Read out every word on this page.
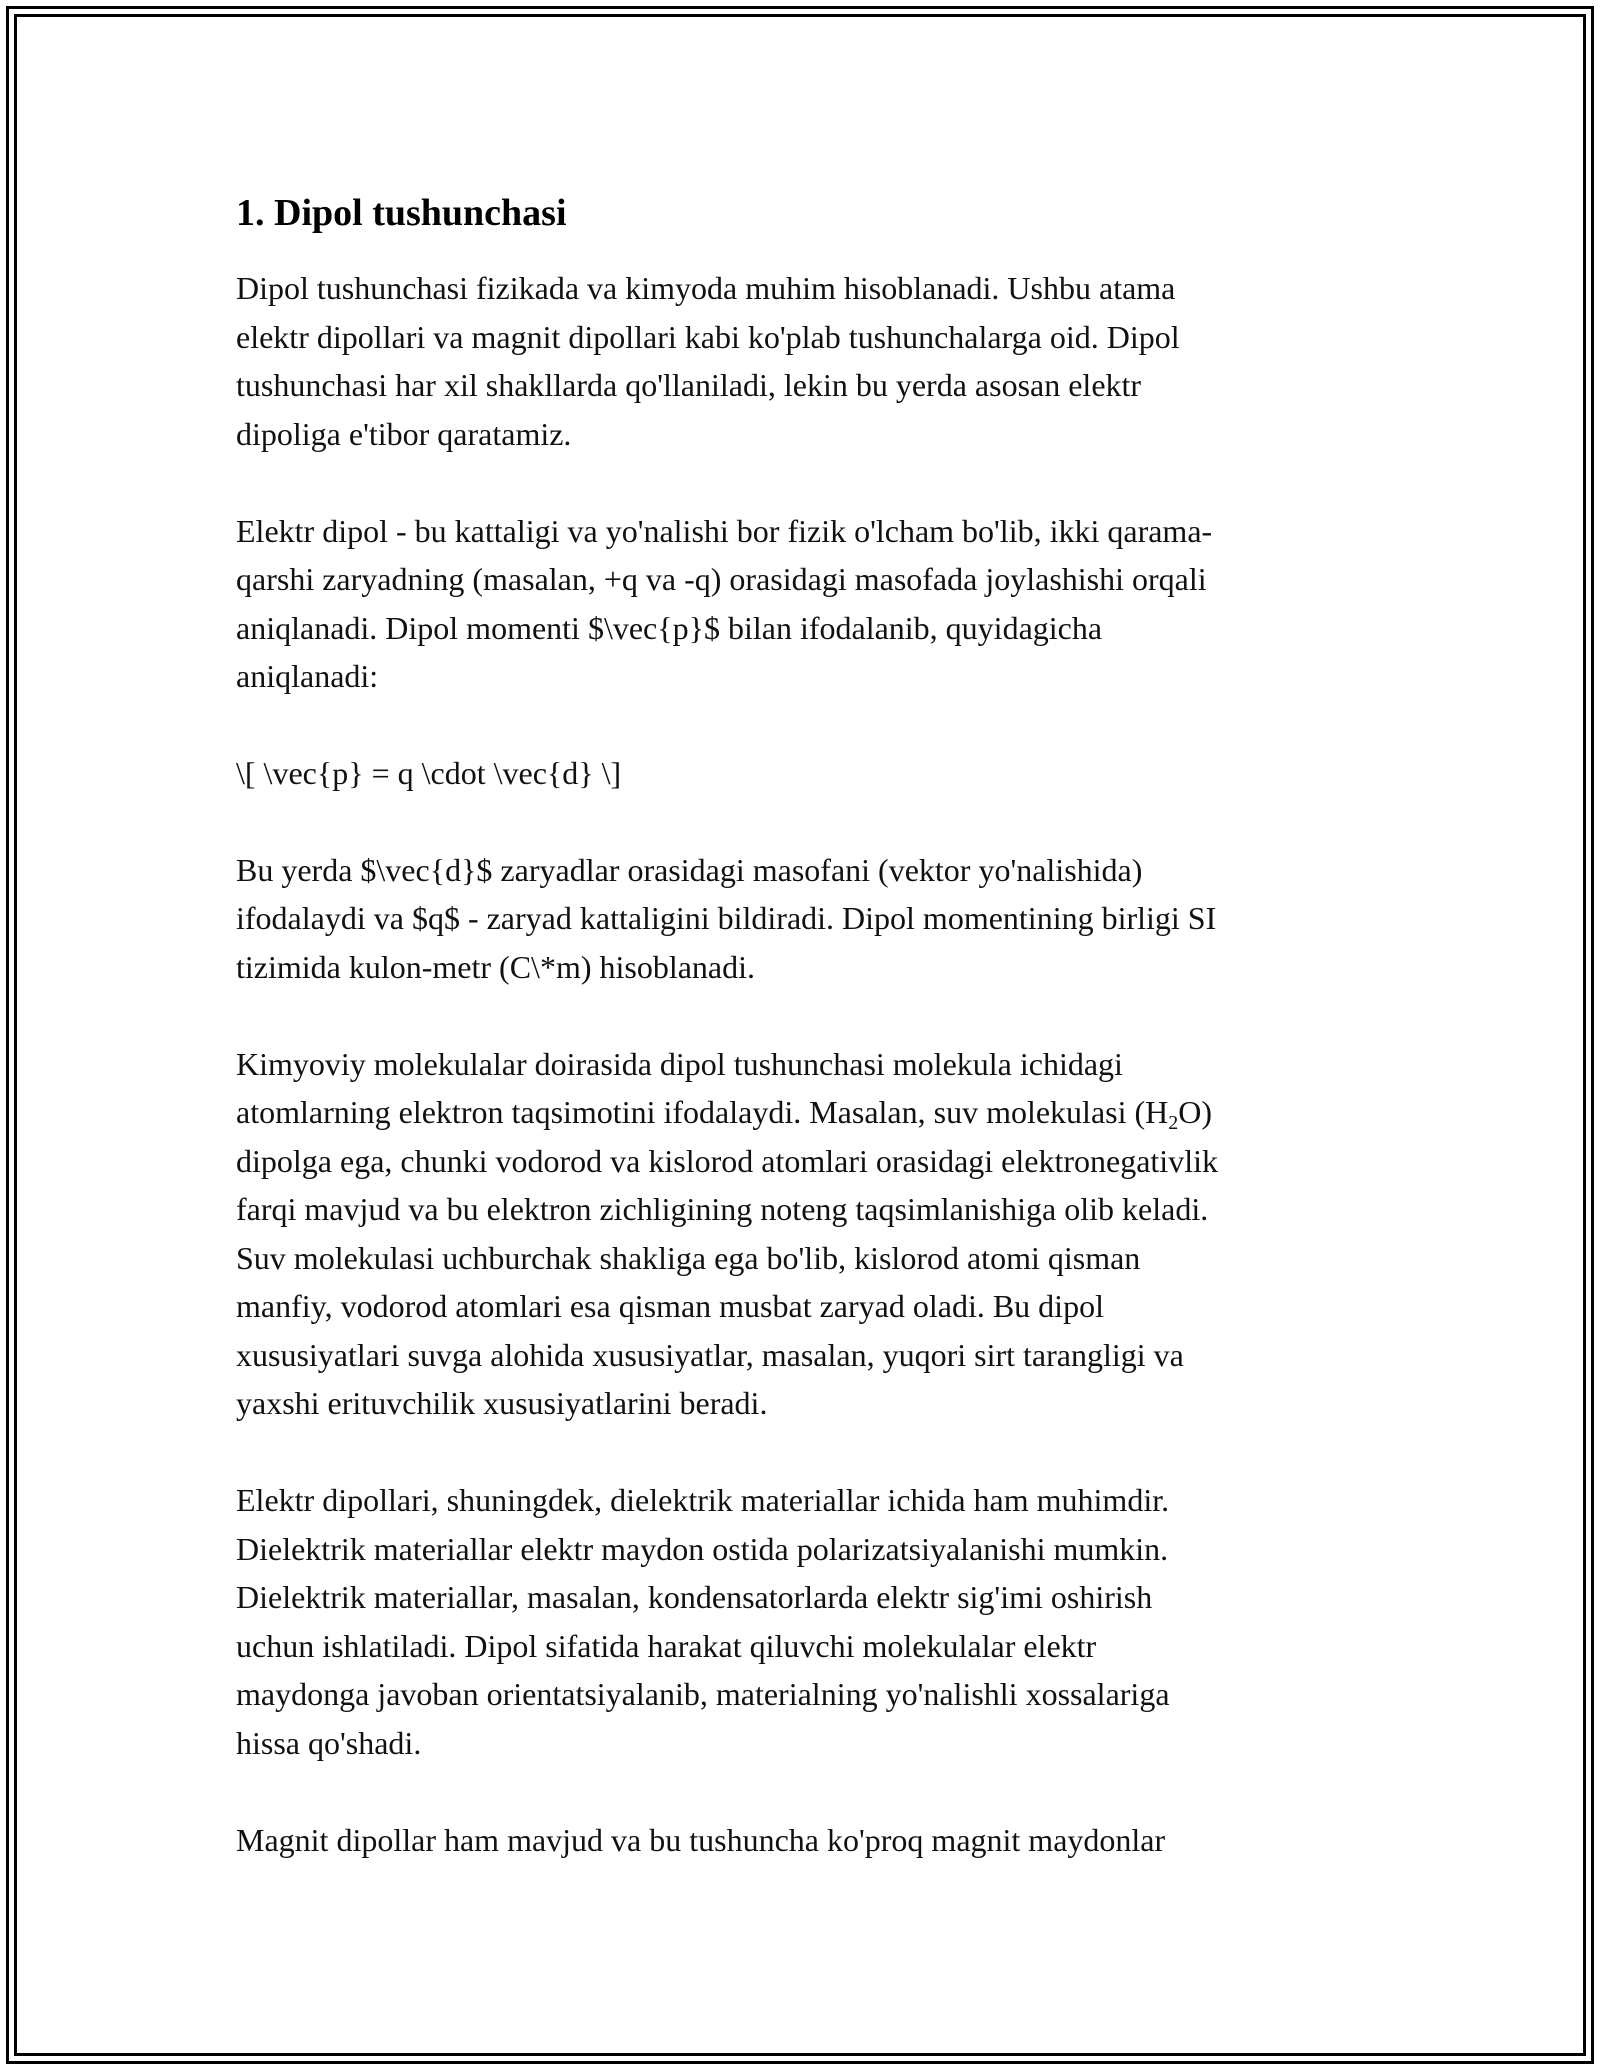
1. Dipol tushunchasi

Dipol tushunchasi fizikada va kimyoda muhim hisoblanadi. Ushbu atama
elektr dipollari va magnit dipollari kabi ko'plab tushunchalarga oid. Dipol
tushunchasi har xil shakllarda qo'llaniladi, lekin bu yerda asosan elektr
dipoliga e'tibor qaratamiz.

Elektr dipol - bu kattaligi va yo'nalishi bor fizik o'lcham bo'lib, ikki qarama-
qarshi zaryadning (masalan, +q va -q) orasidagi masofada joylashishi orqali
aniqlanadi. Dipol momenti $\vec{p}$ bilan ifodalanib, quyidagicha
aniqlanadi:

\[ \vec{p} = q \cdot \vec{d} \]

Bu yerda $\vec{d}$ zaryadlar orasidagi masofani (vektor yo'nalishida)
ifodalaydi va $q$ - zaryad kattaligini bildiradi. Dipol momentining birligi SI
tizimida kulon-metr (C\*m) hisoblanadi.

Kimyoviy molekulalar doirasida dipol tushunchasi molekula ichidagi
atomlarning elektron taqsimotini ifodalaydi. Masalan, suv molekulasi $(H_2O)$
dipolga ega, chunki vodorod va kislorod atomlari orasidagi elektronegativlik
farqi mavjud va bu elektron zichligining noteng taqsimlanishiga olib keladi.
Suv molekulasi uchburchak shakliga ega bo'lib, kislorod atomi qisman
manfiy, vodorod atomlari esa qisman musbat zaryad oladi. Bu dipol
xususiyatlari suvga alohida xususiyatlar, masalan, yuqori sirt tarangligi va
yaxshi erituvchilik xususiyatlarini beradi.

Elektr dipollari, shuningdek, dielektrik materiallar ichida ham muhimdir.
Dielektrik materiallar elektr maydon ostida polarizatsiyalanishi mumkin.
Dielektrik materiallar, masalan, kondensatorlarda elektr sig'imi oshirish
uchun ishlatiladi. Dipol sifatida harakat qiluvchi molekulalar elektr
maydonga javoban orientatsiyalanib, materialning yo'nalishli xossalariga
hissa qo'shadi.

Magnit dipollar ham mavjud va bu tushuncha ko'proq magnit maydonlar
